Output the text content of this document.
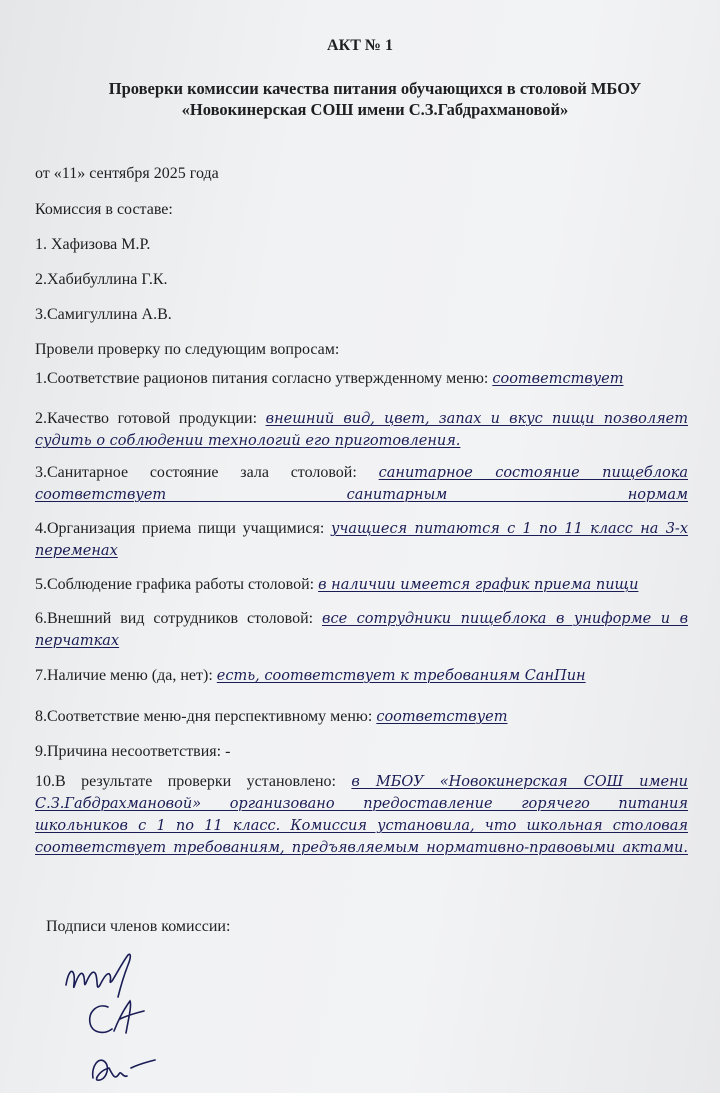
АКТ № 1
Проверки комиссии качества питания обучающихся в столовой МБОУ
«Новокинерская СОШ имени С.З.Габдрахмановой»
от «11» сентября 2025 года
Комиссия в составе:
1. Хафизова М.Р.
2.Хабибуллина Г.К.
3.Самигуллина А.В.
Провели проверку по следующим вопросам:
1.Соответствие рационов питания согласно утвержденному меню: соответствует
2.Качество готовой продукции: внешний вид, цвет, запах и вкус пищи позволяет судить о соблюдении технологий его приготовления.
3.Санитарное состояние зала столовой: санитарное состояние пищеблока соответствует санитарным нормам
4.Организация приема пищи учащимися: учащиеся питаются с 1 по 11 класс на 3-х переменах
5.Соблюдение графика работы столовой: в наличии имеется график приема пищи
6.Внешний вид сотрудников столовой: все сотрудники пищеблока в униформе и в перчатках
7.Наличие меню (да, нет): есть, соответствует к требованиям СанПин
8.Соответствие меню-дня перспективному меню: соответствует
9.Причина несоответствия: -
10.В результате проверки установлено: в МБОУ «Новокинерская СОШ имени С.З.Габдрахмановой» организовано предоставление горячего питания школьников с 1 по 11 класс. Комиссия установила, что школьная столовая соответствует требованиям, предъявляемым нормативно-правовыми актами.
Подписи членов комиссии:
